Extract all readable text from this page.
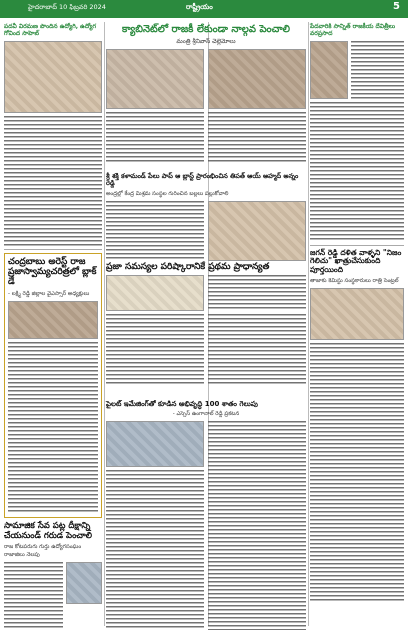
హైదరాబాద్ 10 ఫిబ్రవరి 2024	రాష్ట్రీయం	5
పదవీ విరమణ పొందిన ఉద్యోగి, ఉద్యోగ గోవింద సాహెబ్
చంద్రబాబు అరెస్ట్ రాజ ప్రజాస్వామ్యచరిత్రలో బ్లాక్ డే
- లక్ష్మి రెడ్డి జిల్లాల వైఎస్సార్ అధ్యక్షులు
సామాజిక సేవ పట్ల దీక్షాన్ని చేయనుండ్ గరుడ పెంచాలి
రాజ కోటపరుగు గుర్తు ఉద్యోగసంఘం రాజాజిలు నెలపు
క్యాబినెట్‌లో రాజకీ లేకుండా నాల్గవ పెంచాలి
మంత్రి శ్రీనివాస్ చెల్లెమోలు
శ్రీ శక్తి కళామండ్ పేలు పాప్ ఆ బ్లాస్ట్ ప్రారంభించిన తిపత్ ఆయ్ అహ్మద్ అన్నం రెడ్డి
అంద్రల్లో కేంద్ర మిశ్రమ సంస్థల గురించిన బల్లలు పల్లుకోవాలి
ప్రజా సమస్యల పరిష్కారానికే ప్రథమ ప్రాధాన్యత
పైలట్ ఇమేజింగ్‌తో కూడిన అభివృద్ధి 100 శాతం గెలుపు
- ఎస్సెస్ ఉంగానాల్ రెడ్డి ప్రకటన
పేదవారికి సాన్నిత్ రాజకీయ దేవిత్రీలు వరప్రసాద
జగన్ రెడ్డి దళిత వాళ్ళని "నిజం గెలిచు" ఖాత్రుచేసుకుంది పూర్తయింది
తాజాకు కెమిస్టు సంస్థకారులు రాత్రి సెంట్రల్
